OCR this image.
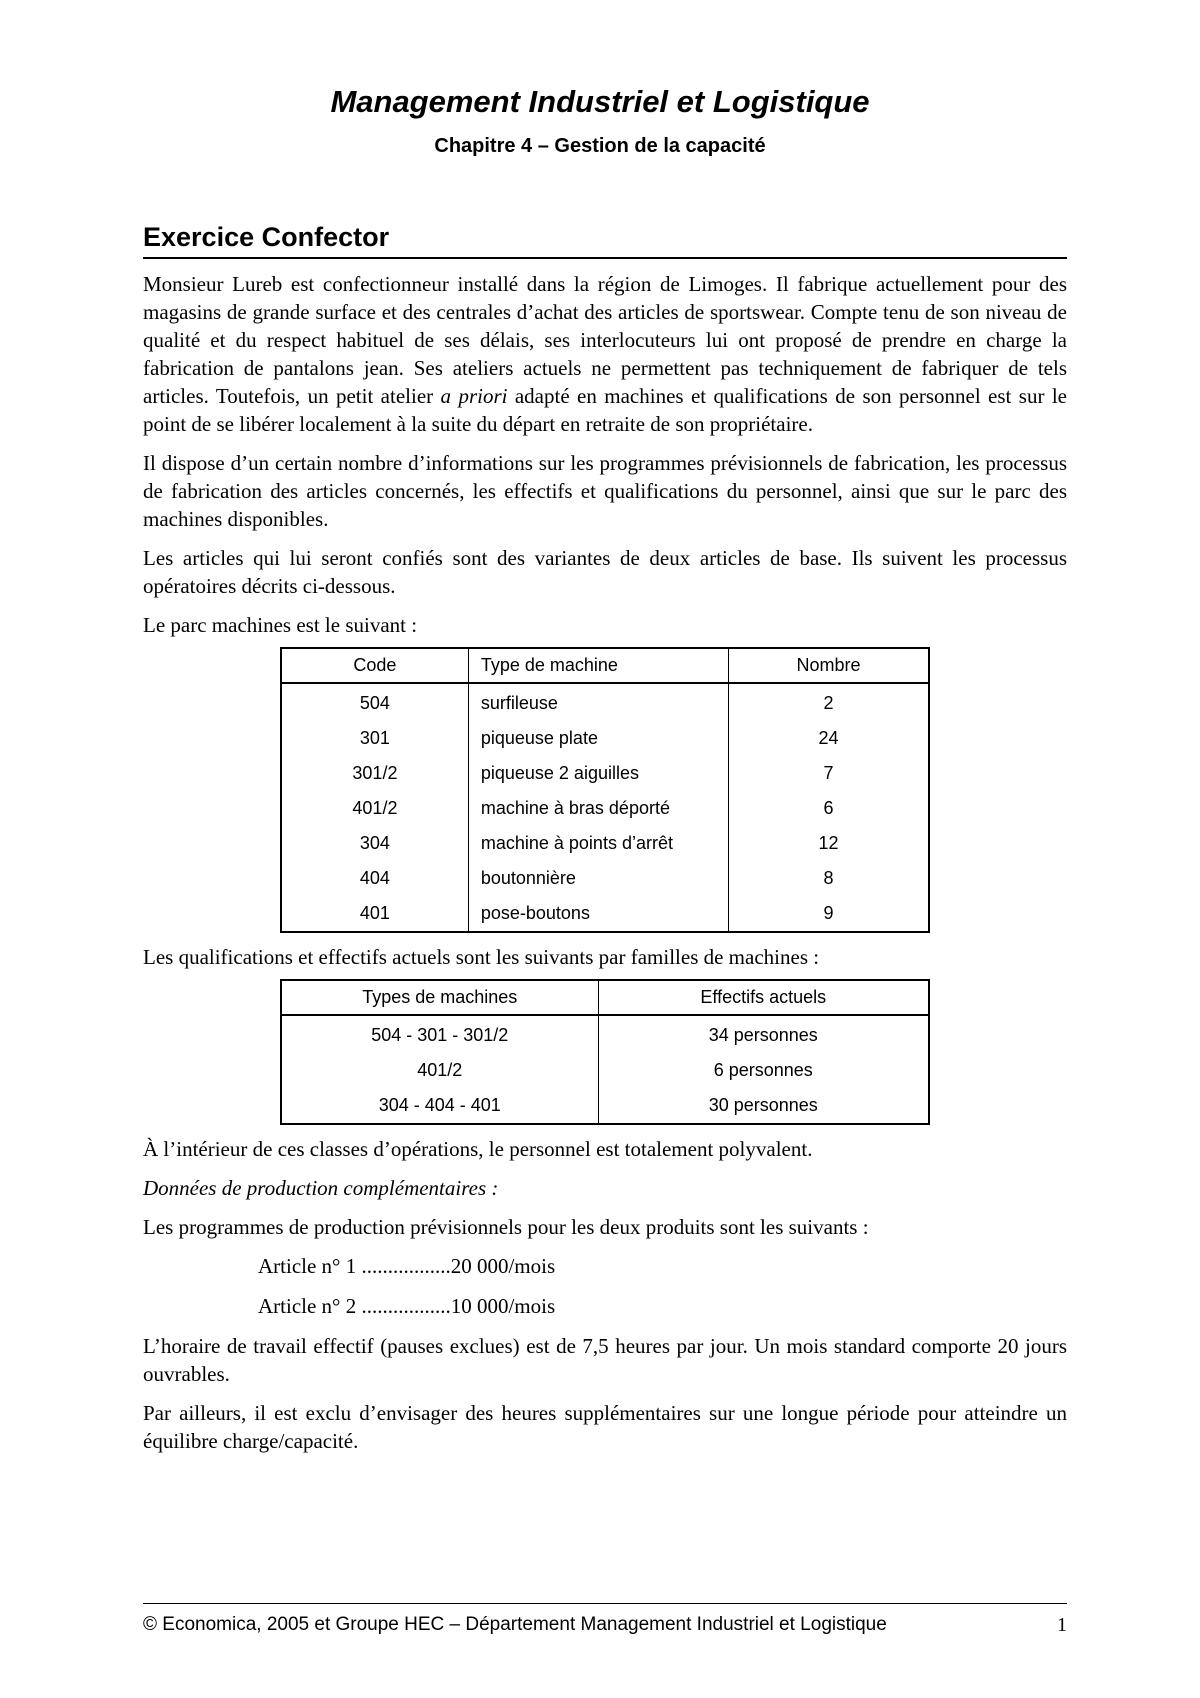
Management Industriel et Logistique
Chapitre 4 – Gestion de la capacité
Exercice Confector

Monsieur Lureb est confectionneur installé dans la région de Limoges. Il fabrique actuellement pour des magasins de grande surface et des centrales d’achat des articles de sportswear. Compte tenu de son niveau de qualité et du respect habituel de ses délais, ses interlocuteurs lui ont proposé de prendre en charge la fabrication de pantalons jean. Ses ateliers actuels ne permettent pas techniquement de fabriquer de tels articles. Toutefois, un petit atelier a priori adapté en machines et qualifications de son personnel est sur le point de se libérer localement à la suite du départ en retraite de son propriétaire.

Il dispose d’un certain nombre d’informations sur les programmes prévisionnels de fabrication, les processus de fabrication des articles concernés, les effectifs et qualifications du personnel, ainsi que sur le parc des machines disponibles.

Les articles qui lui seront confiés sont des variantes de deux articles de base. Ils suivent les processus opératoires décrits ci-dessous.

Le parc machines est le suivant :

Code	Type de machine	Nombre
504	surfileuse	2
301	piqueuse plate	24
301/2	piqueuse 2 aiguilles	7
401/2	machine à bras déporté	6
304	machine à points d’arrêt	12
404	boutonnière	8
401	pose-boutons	9

Les qualifications et effectifs actuels sont les suivants par familles de machines :

Types de machines	Effectifs actuels
504 - 301 - 301/2	34 personnes
401/2	6 personnes
304 - 404 - 401	30 personnes

À l’intérieur de ces classes d’opérations, le personnel est totalement polyvalent.

Données de production complémentaires :

Les programmes de production prévisionnels pour les deux produits sont les suivants :

Article n° 1 .................20 000/mois

Article n° 2 .................10 000/mois

L’horaire de travail effectif (pauses exclues) est de 7,5 heures par jour. Un mois standard comporte 20 jours ouvrables.

Par ailleurs, il est exclu d’envisager des heures supplémentaires sur une longue période pour atteindre un équilibre charge/capacité.

© Economica, 2005 et Groupe HEC – Département Management Industriel et Logistique	1
